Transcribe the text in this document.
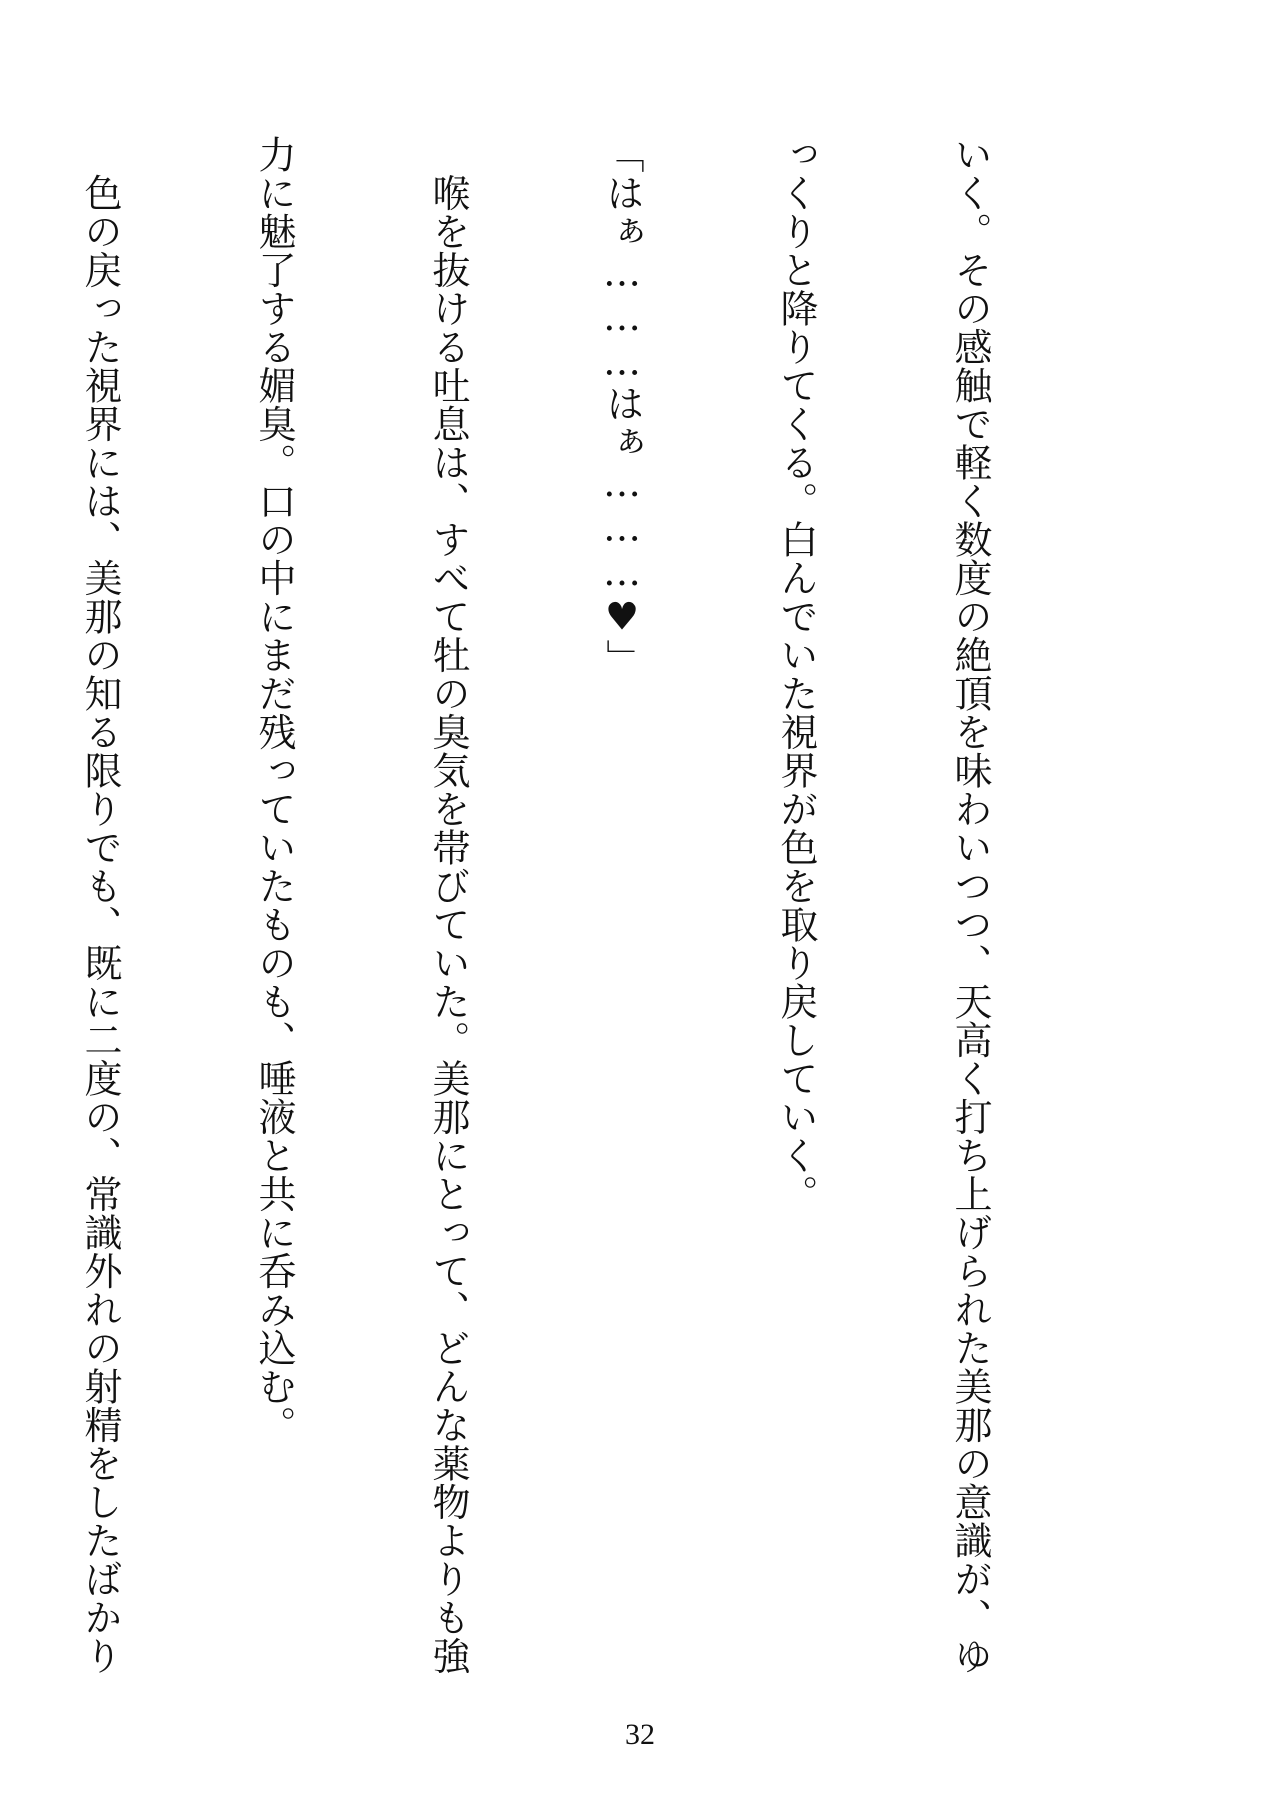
いく。その感触で軽く数度の絶頂を味わいつつ、天高く打ち上げられた美那の意識が、ゆ

っくりと降りてくる。白んでいた視界が色を取り戻していく。

「はぁ………はぁ………♥」

　喉を抜ける吐息は、すべて牡の臭気を帯びていた。美那にとって、どんな薬物よりも強

力に魅了する媚臭。口の中にまだ残っていたものも、唾液と共に呑み込む。

　色の戻った視界には、美那の知る限りでも、既に二度の、常識外れの射精をしたばかり

32
